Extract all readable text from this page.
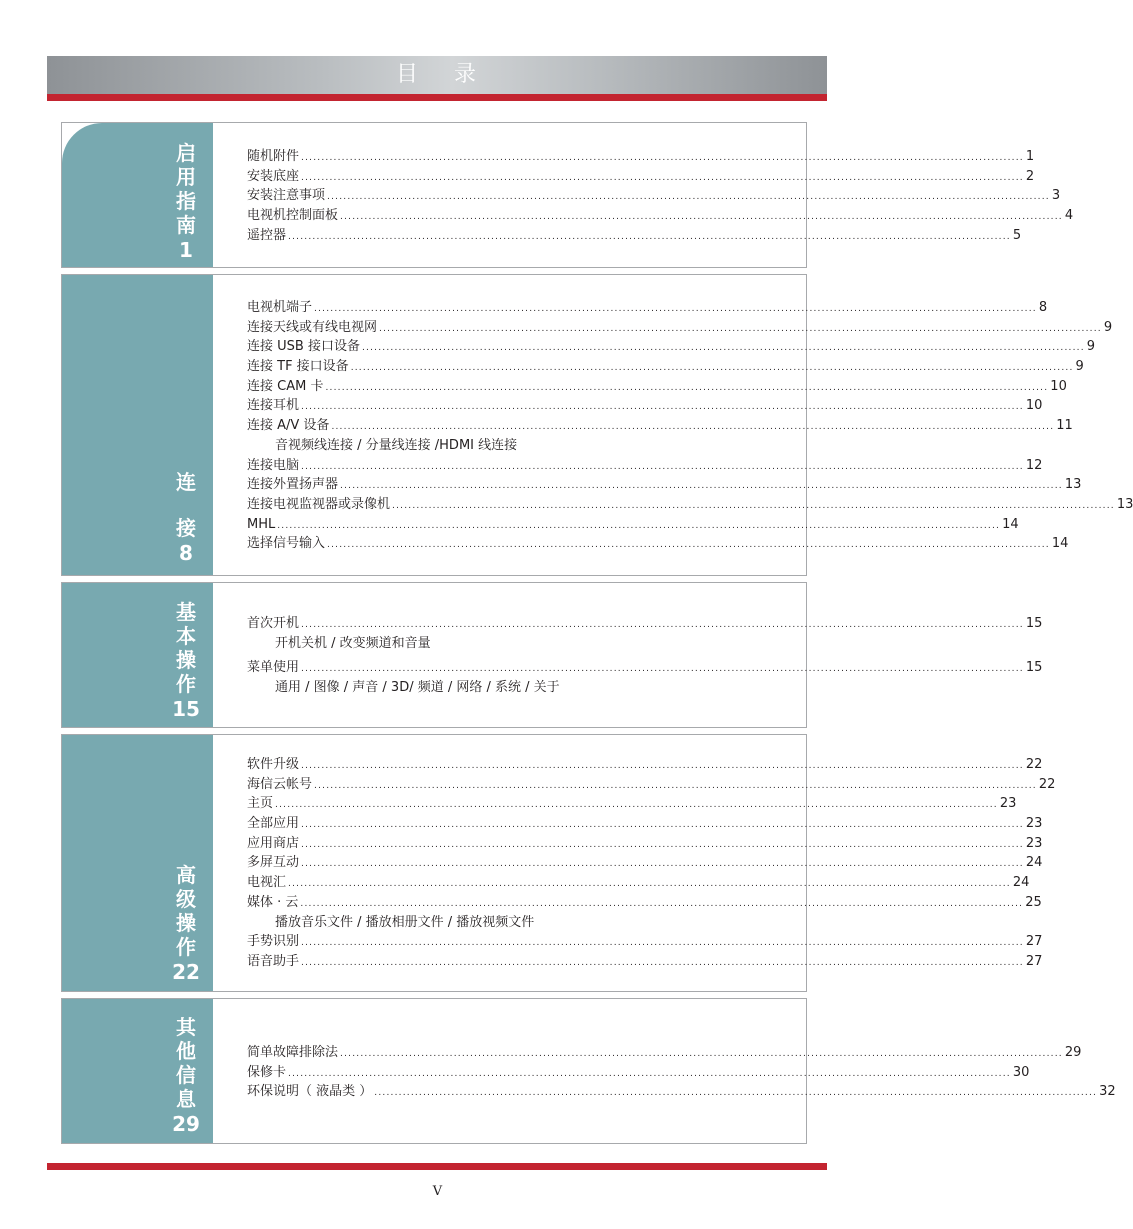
目 录
启
用
指
南
1
随机附件 .................................................................................................................................................................................. 1
安装底座 .................................................................................................................................................................................. 2
安装注意事项 .................................................................................................................................................................................. 3
电视机控制面板 .................................................................................................................................................................................. 4
遥控器 .................................................................................................................................................................................. 5
连
接
8
电视机端子 .................................................................................................................................................................................. 8
连接天线或有线电视网 .................................................................................................................................................................................. 9
连接 USB 接口设备 .................................................................................................................................................................................. 9
连接 TF 接口设备 .................................................................................................................................................................................. 9
连接 CAM 卡 .................................................................................................................................................................................. 10
连接耳机 .................................................................................................................................................................................. 10
连接 A/V 设备 .................................................................................................................................................................................. 11
音视频线连接 / 分量线连接 /HDMI 线连接
连接电脑 .................................................................................................................................................................................. 12
连接外置扬声器 .................................................................................................................................................................................. 13
连接电视监视器或录像机 .................................................................................................................................................................................. 13
MHL .................................................................................................................................................................................. 14
选择信号输入 .................................................................................................................................................................................. 14
基
本
操
作
15
首次开机 .................................................................................................................................................................................. 15
开机关机 / 改变频道和音量
菜单使用 .................................................................................................................................................................................. 15
通用 / 图像 / 声音 / 3D/ 频道 / 网络 / 系统 / 关于
高
级
操
作
22
软件升级 .................................................................................................................................................................................. 22
海信云帐号 .................................................................................................................................................................................. 22
主页 .................................................................................................................................................................................. 23
全部应用 .................................................................................................................................................................................. 23
应用商店 .................................................................................................................................................................................. 23
多屏互动 .................................................................................................................................................................................. 24
电视汇 .................................................................................................................................................................................. 24
媒体 · 云 .................................................................................................................................................................................. 25
播放音乐文件 / 播放相册文件 / 播放视频文件
手势识别 .................................................................................................................................................................................. 27
语音助手 .................................................................................................................................................................................. 27
其
他
信
息
29
简单故障排除法 .................................................................................................................................................................................. 29
保修卡 .................................................................................................................................................................................. 30
环保说明（ 液晶类 ） .................................................................................................................................................................................. 32
V
